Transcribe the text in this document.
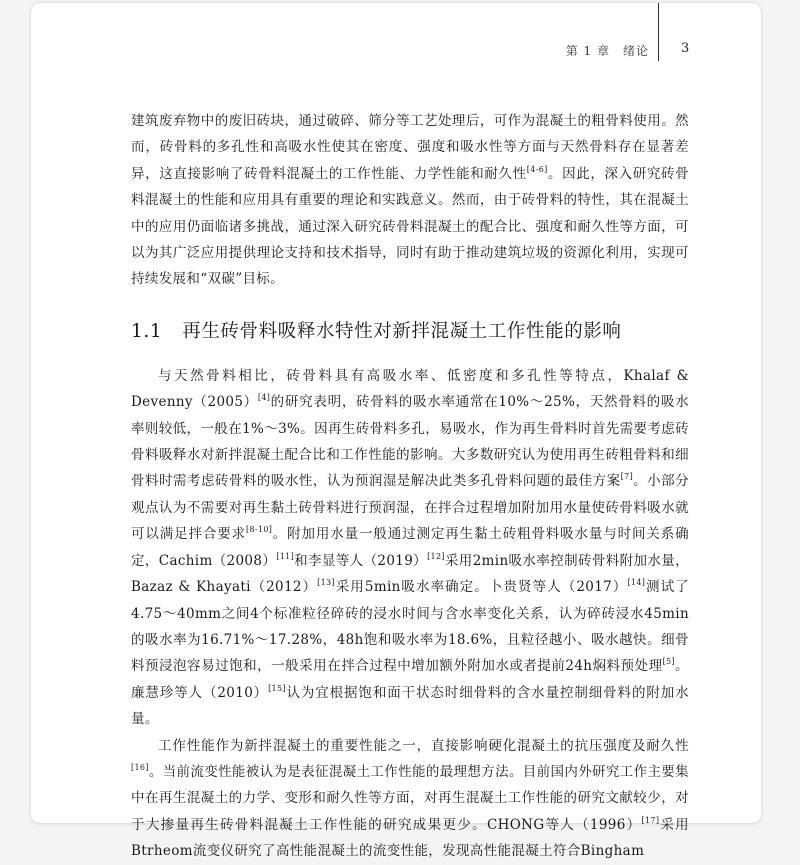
第 1 章　绪论 3

建筑废弃物中的废旧砖块，通过破碎、筛分等工艺处理后，可作为混凝土的粗骨料使用。然而，砖骨料的多孔性和高吸水性使其在密度、强度和吸水性等方面与天然骨料存在显著差异，这直接影响了砖骨料混凝土的工作性能、力学性能和耐久性[4-6]。因此，深入研究砖骨料混凝土的性能和应用具有重要的理论和实践意义。然而，由于砖骨料的特性，其在混凝土中的应用仍面临诸多挑战，通过深入研究砖骨料混凝土的配合比、强度和耐久性等方面，可以为其广泛应用提供理论支持和技术指导，同时有助于推动建筑垃圾的资源化利用，实现可持续发展和“双碳”目标。

1.1 再生砖骨料吸释水特性对新拌混凝土工作性能的影响

与天然骨料相比，砖骨料具有高吸水率、低密度和多孔性等特点，Khalaf & Devenny（2005）[4]的研究表明，砖骨料的吸水率通常在10%～25%，天然骨料的吸水率则较低，一般在1%～3%。因再生砖骨料多孔，易吸水，作为再生骨料时首先需要考虑砖骨料吸释水对新拌混凝土配合比和工作性能的影响。大多数研究认为使用再生砖粗骨料和细骨料时需考虑砖骨料的吸水性，认为预润湿是解决此类多孔骨料问题的最佳方案[7]。小部分观点认为不需要对再生黏土砖骨料进行预润湿，在拌合过程增加附加用水量使砖骨料吸水就可以满足拌合要求[8-10]。附加用水量一般通过测定再生黏土砖粗骨料吸水量与时间关系确定，Cachim（2008）[11]和李显等人（2019）[12]采用2min吸水率控制砖骨料附加水量，Bazaz & Khayati（2012）[13]采用5min吸水率确定。卜贵贤等人（2017）[14]测试了4.75～40mm之间4个标准粒径碎砖的浸水时间与含水率变化关系，认为碎砖浸水45min的吸水率为16.71%～17.28%，48h饱和吸水率为18.6%，且粒径越小、吸水越快。细骨料预浸泡容易过饱和，一般采用在拌合过程中增加额外附加水或者提前24h焖料预处理[5]。廉慧珍等人（2010）[15]认为宜根据饱和面干状态时细骨料的含水量控制细骨料的附加水量。

工作性能作为新拌混凝土的重要性能之一，直接影响硬化混凝土的抗压强度及耐久性[16]。当前流变性能被认为是表征混凝土工作性能的最理想方法。目前国内外研究工作主要集中在再生混凝土的力学、变形和耐久性等方面，对再生混凝土工作性能的研究文献较少，对于大掺量再生砖骨料混凝土工作性能的研究成果更少。CHONG等人（1996）[17]采用Btrheom流变仪研究了高性能混凝土的流变性能，发现高性能混凝土符合Bingham
